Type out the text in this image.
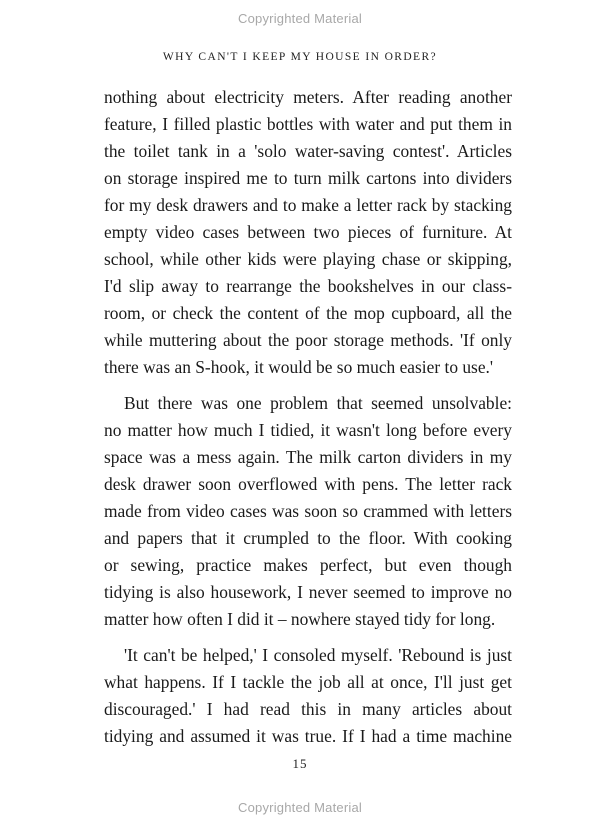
Copyrighted Material
WHY CAN'T I KEEP MY HOUSE IN ORDER?
nothing about electricity meters. After reading another
feature, I filled plastic bottles with water and put them in
the toilet tank in a 'solo water-saving contest'. Articles
on storage inspired me to turn milk cartons into dividers
for my desk drawers and to make a letter rack by stacking
empty video cases between two pieces of furniture. At
school, while other kids were playing chase or skipping,
I'd slip away to rearrange the bookshelves in our class-
room, or check the content of the mop cupboard, all the
while muttering about the poor storage methods. 'If only
there was an S-hook, it would be so much easier to use.'
But there was one problem that seemed unsolvable:
no matter how much I tidied, it wasn't long before every
space was a mess again. The milk carton dividers in my
desk drawer soon overflowed with pens. The letter rack
made from video cases was soon so crammed with letters
and papers that it crumpled to the floor. With cooking
or sewing, practice makes perfect, but even though
tidying is also housework, I never seemed to improve no
matter how often I did it – nowhere stayed tidy for long.
'It can't be helped,' I consoled myself. 'Rebound is just
what happens. If I tackle the job all at once, I'll just get
discouraged.' I had read this in many articles about
tidying and assumed it was true. If I had a time machine
15
Copyrighted Material
